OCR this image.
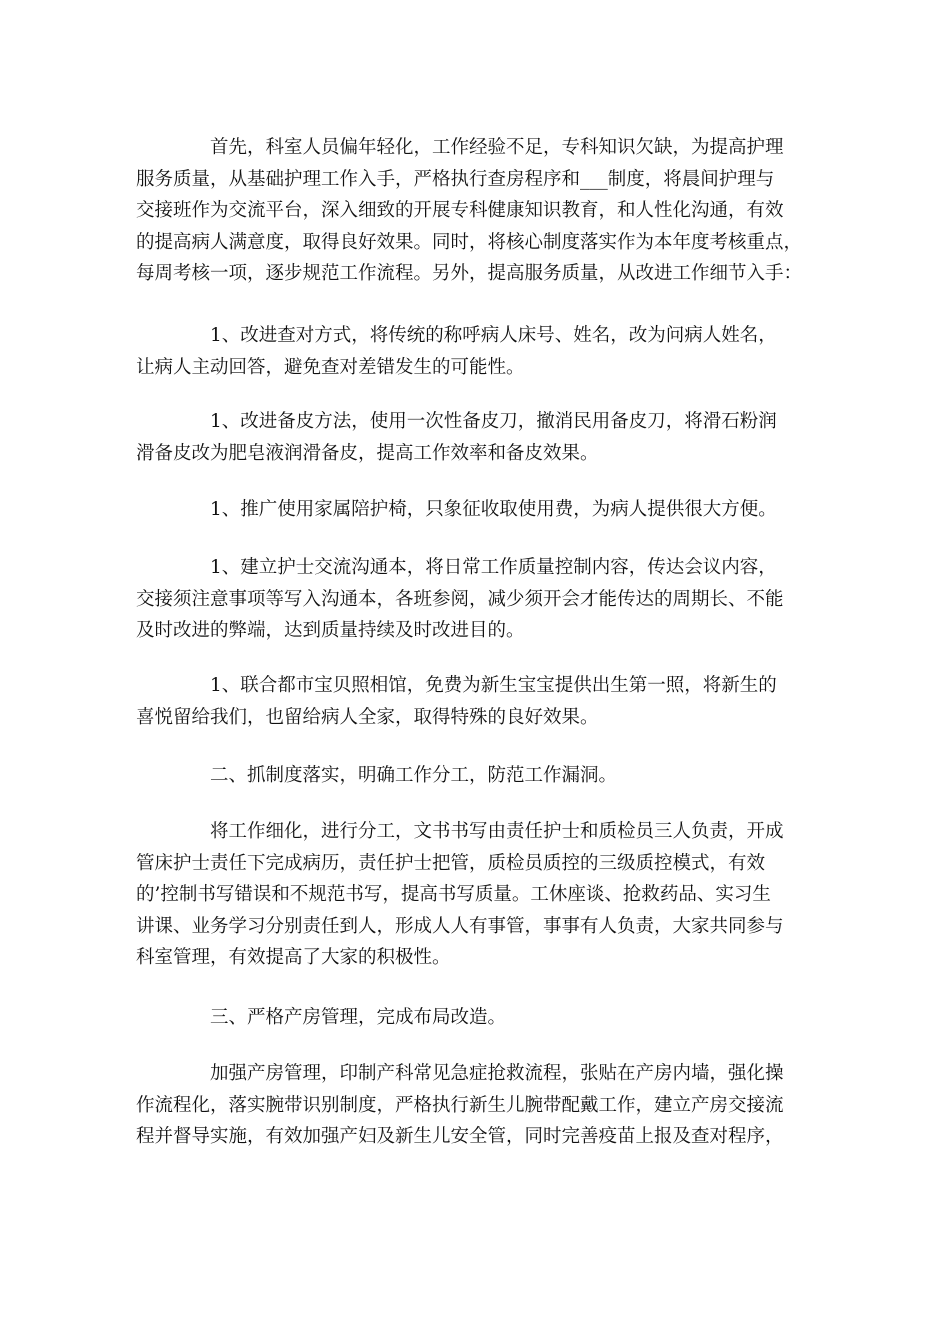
首先，科室人员偏年轻化，工作经验不足，专科知识欠缺，为提高护理
服务质量，从基础护理工作入手，严格执行查房程序和___制度，将晨间护理与
交接班作为交流平台，深入细致的开展专科健康知识教育，和人性化沟通，有效
的提高病人满意度，取得良好效果。同时，将核心制度落实作为本年度考核重点，
每周考核一项，逐步规范工作流程。另外，提高服务质量，从改进工作细节入手：
1、改进查对方式，将传统的称呼病人床号、姓名，改为问病人姓名，
让病人主动回答，避免查对差错发生的可能性。
1、改进备皮方法，使用一次性备皮刀，撤消民用备皮刀，将滑石粉润
滑备皮改为肥皂液润滑备皮，提高工作效率和备皮效果。
1、推广使用家属陪护椅，只象征收取使用费，为病人提供很大方便。
1、建立护士交流沟通本，将日常工作质量控制内容，传达会议内容，
交接须注意事项等写入沟通本，各班参阅，减少须开会才能传达的周期长、不能
及时改进的弊端，达到质量持续及时改进目的。
1、联合都市宝贝照相馆，免费为新生宝宝提供出生第一照，将新生的
喜悦留给我们，也留给病人全家，取得特殊的良好效果。
二、抓制度落实，明确工作分工，防范工作漏洞。
将工作细化，进行分工，文书书写由责任护士和质检员三人负责，开成
管床护士责任下完成病历，责任护士把管，质检员质控的三级质控模式，有效
的’控制书写错误和不规范书写，提高书写质量。工休座谈、抢救药品、实习生
讲课、业务学习分别责任到人，形成人人有事管，事事有人负责，大家共同参与
科室管理，有效提高了大家的积极性。
三、严格产房管理，完成布局改造。
加强产房管理，印制产科常见急症抢救流程，张贴在产房内墙，强化操
作流程化，落实腕带识别制度，严格执行新生儿腕带配戴工作，建立产房交接流
程并督导实施，有效加强产妇及新生儿安全管，同时完善疫苗上报及查对程序，
